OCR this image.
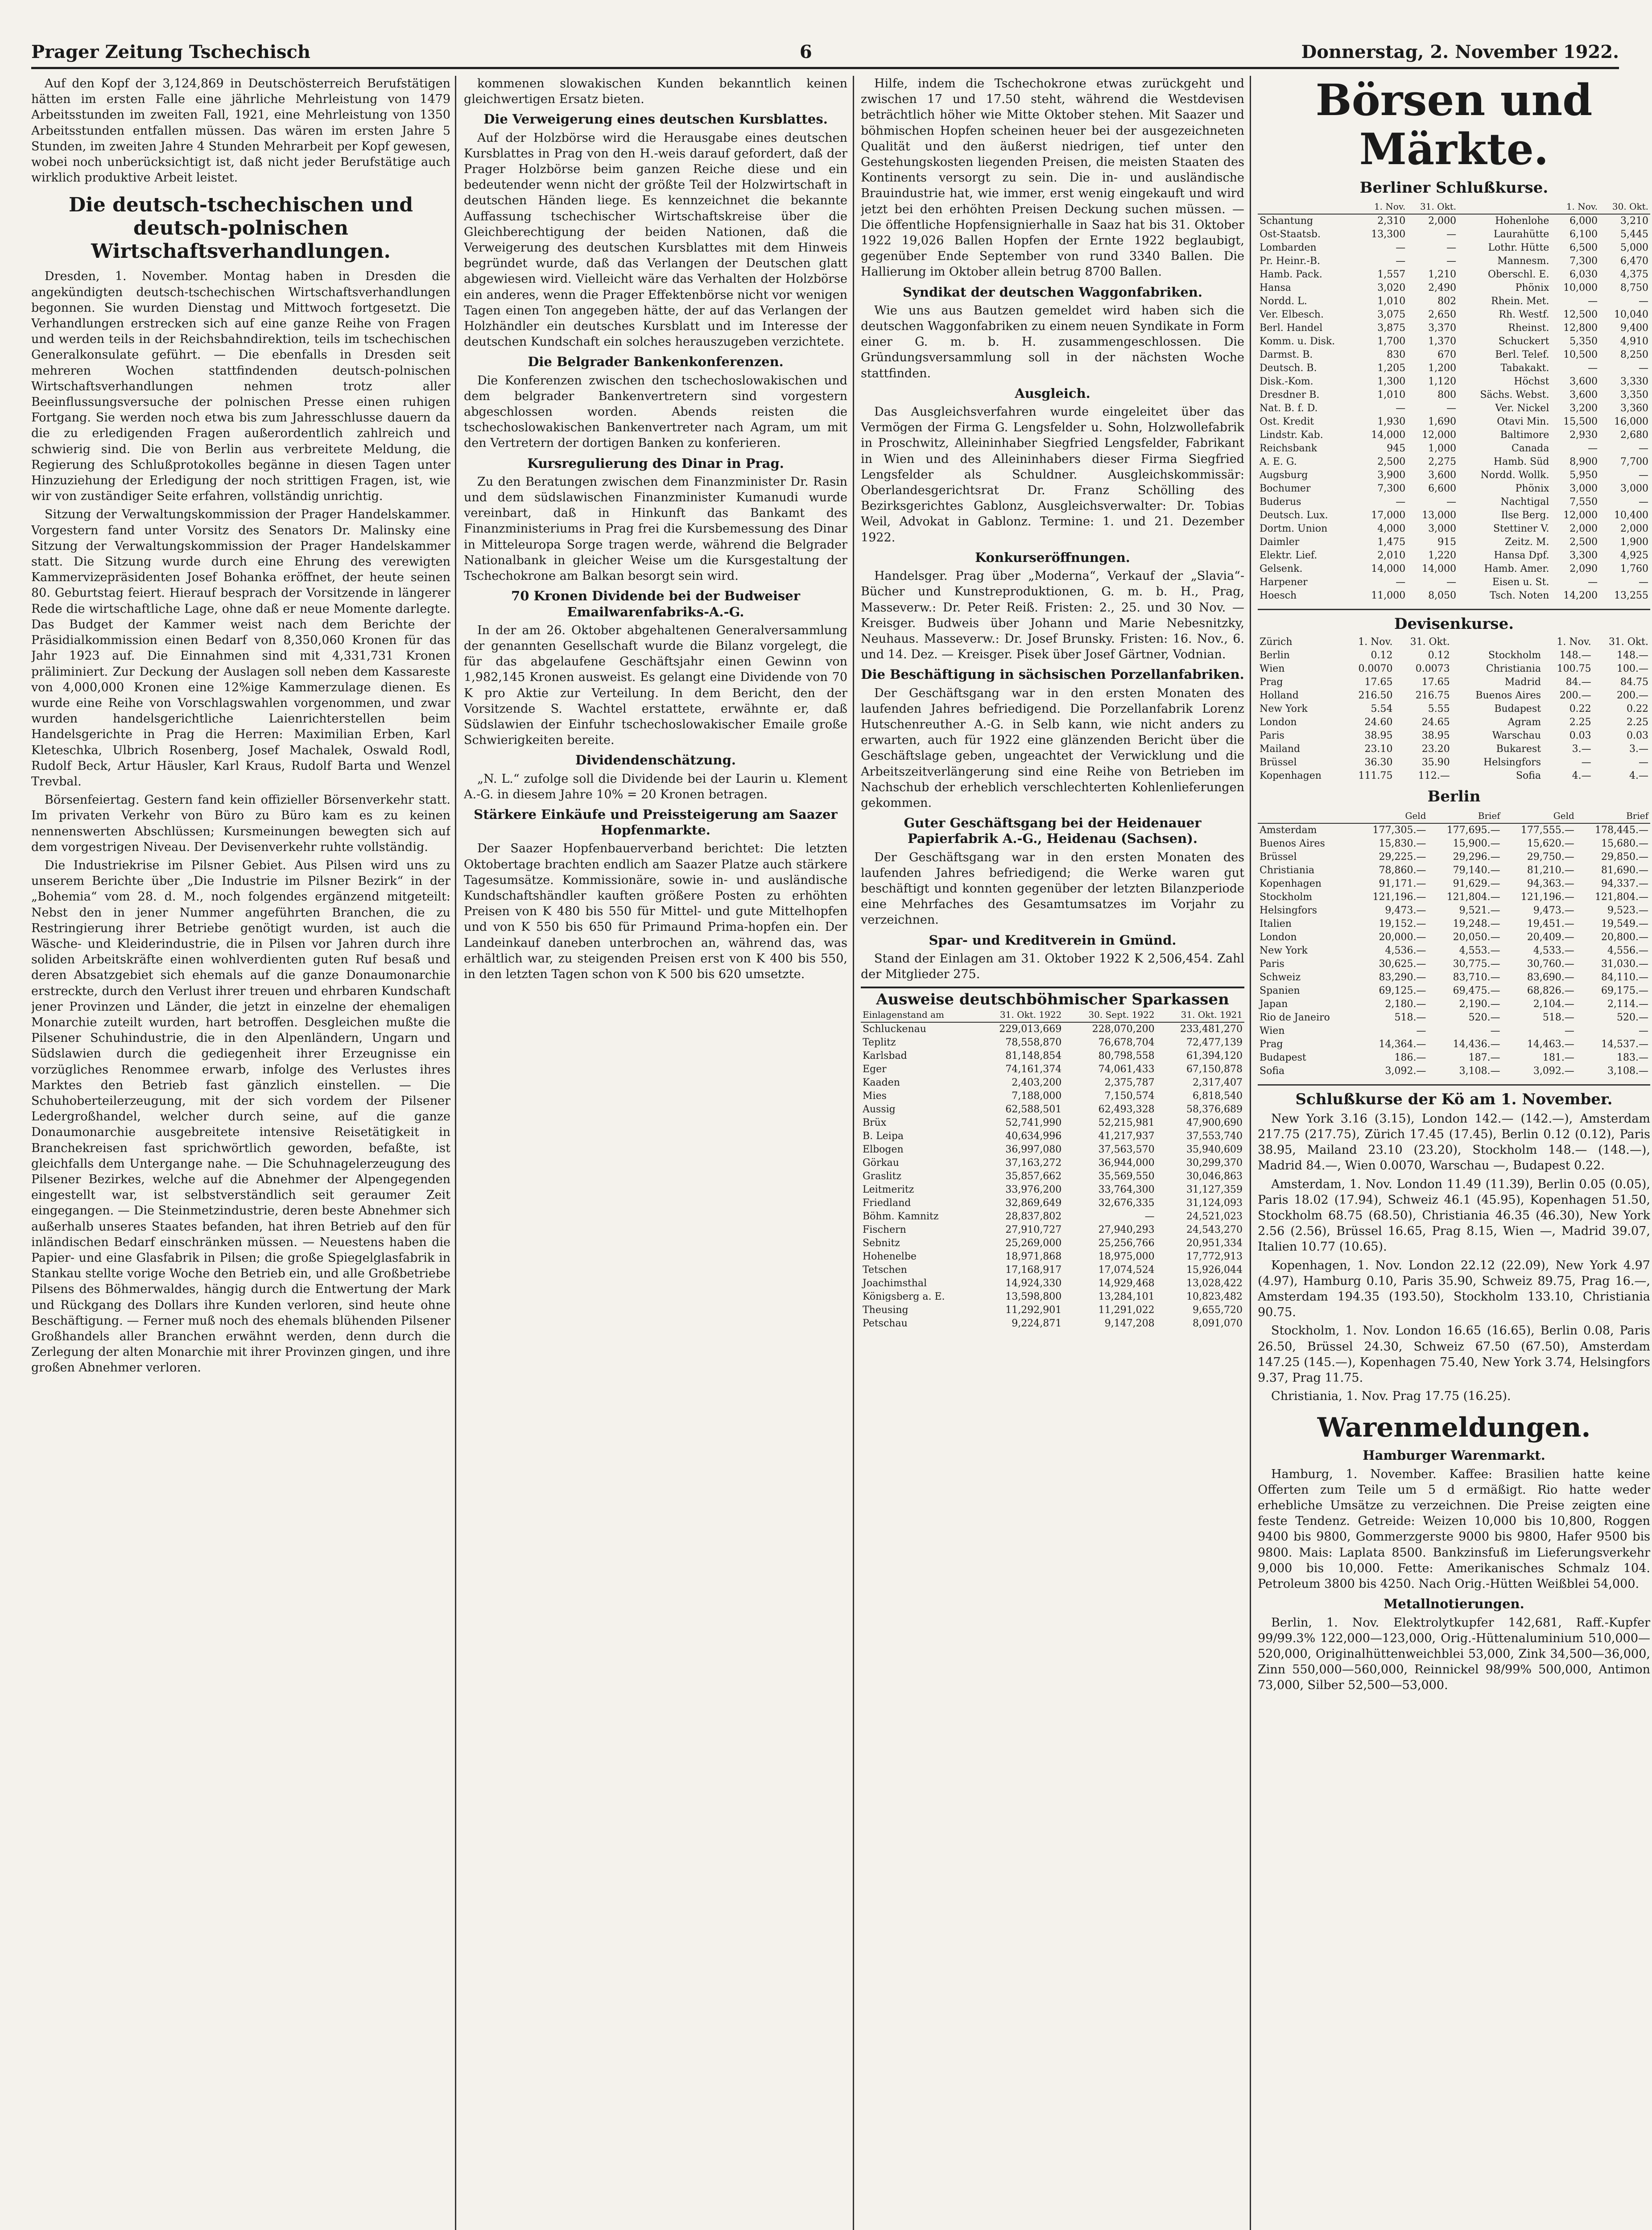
Prager Zeitung Tschechisch	6	Donnerstag, 2. November 1922.

Auf den Kopf der 3,124,869 in Deutschösterreich Berufstätigen hätten im ersten Falle eine jährliche Mehrleistung von 1479 Arbeitsstunden im zweiten Fall, 1921, eine Mehrleistung von 1350 Arbeitsstunden entfallen müssen. Das wären im ersten Jahre 5 Stunden, im zweiten Jahre 4 Stunden Mehrarbeit per Kopf gewesen, wobei noch unberücksichtigt ist, daß nicht jeder Berufstätige auch wirklich produktive Arbeit leistet.

Die deutsch-tschechischen und deutsch-polnischen Wirtschaftsverhandlungen.

Dresden, 1. November. Montag haben in Dresden die angekündigten deutsch-tschechischen Wirtschaftsverhandlungen begonnen. Sie wurden Dienstag und Mittwoch fortgesetzt. Die Verhandlungen erstrecken sich auf eine ganze Reihe von Fragen und werden teils in der Reichsbahndirektion, teils im tschechischen Generalkonsulate geführt. — Die ebenfalls in Dresden seit mehreren Wochen stattfindenden deutsch-polnischen Wirtschaftsverhandlungen nehmen trotz aller Beeinflussungsversuche der polnischen Presse einen ruhigen Fortgang. Sie werden noch etwa bis zum Jahresschlusse dauern da die zu erledigenden Fragen außerordentlich zahlreich und schwierig sind. Die von Berlin aus verbreitete Meldung, die Regierung des Schlußprotokolles begänne in diesen Tagen unter Hinzuziehung der Erledigung der noch strittigen Fragen, ist, wie wir von zuständiger Seite erfahren, vollständig unrichtig.

Sitzung der Verwaltungskommission der Prager Handelskammer. Vorgestern fand unter Vorsitz des Senators Dr. Malinsky eine Sitzung der Verwaltungskommission der Prager Handelskammer statt. Die Sitzung wurde durch eine Ehrung des verewigten Kammervizepräsidenten Josef Bohanka eröffnet, der heute seinen 80. Geburtstag feiert. Hierauf besprach der Vorsitzende in längerer Rede die wirtschaftliche Lage, ohne daß er neue Momente darlegte. Das Budget der Kammer weist nach dem Berichte der Präsidialkommission einen Bedarf von 8,350,060 Kronen für das Jahr 1923 auf. Die Einnahmen sind mit 4,331,731 Kronen präliminiert. Zur Deckung der Auslagen soll neben dem Kassareste von 4,000,000 Kronen eine 12%ige Kammerzulage dienen. Es wurde eine Reihe von Vorschlagswahlen vorgenommen, und zwar wurden handelsgerichtliche Laienrichterstellen beim Handelsgerichte in Prag die Herren: Maximilian Erben, Karl Kleteschka, Ulbrich Rosenberg, Josef Machalek, Oswald Rodl, Rudolf Beck, Artur Häusler, Karl Kraus, Rudolf Barta und Wenzel Trevbal.

Börsenfeiertag. Gestern fand kein offizieller Börsenverkehr statt. Im privaten Verkehr von Büro zu Büro kam es zu keinen nennenswerten Abschlüssen; Kursmeinungen bewegten sich auf dem vorgestrigen Niveau. Der Devisenverkehr ruhte vollständig.

Die Industriekrise im Pilsner Gebiet. Aus Pilsen wird uns zu unserem Berichte über „Die Industrie im Pilsner Bezirk“ in der „Bohemia“ vom 28. d. M., noch folgendes ergänzend mitgeteilt: Nebst den in jener Nummer angeführten Branchen, die zu Restringierung ihrer Betriebe genötigt wurden, ist auch die Wäsche- und Kleiderindustrie, die in Pilsen vor Jahren durch ihre soliden Arbeitskräfte einen wohlverdienten guten Ruf besaß und deren Absatzgebiet sich ehemals auf die ganze Donaumonarchie erstreckte, durch den Verlust ihrer treuen und ehrbaren Kundschaft jener Provinzen und Länder, die jetzt in einzelne der ehemaligen Monarchie zuteilt wurden, hart betroffen. Desgleichen mußte die Pilsener Schuhindustrie, die in den Alpenländern, Ungarn und Südslawien durch die gediegenheit ihrer Erzeugnisse ein vorzügliches Renommee erwarb, infolge des Verlustes ihres Marktes den Betrieb fast gänzlich einstellen. — Die Schuhoberteilerzeugung, mit der sich vordem der Pilsener Ledergroßhandel, welcher durch seine, auf die ganze Donaumonarchie ausgebreitete intensive Reisetätigkeit in Branchekreisen fast sprichwörtlich geworden, befaßte, ist gleichfalls dem Untergange nahe. — Die Schuhnagelerzeugung des Pilsener Bezirkes, welche auf die Abnehmer der Alpengegenden eingestellt war, ist selbstverständlich seit geraumer Zeit eingegangen. — Die Steinmetzindustrie, deren beste Abnehmer sich außerhalb unseres Staates befanden, hat ihren Betrieb auf den für inländischen Bedarf einschränken müssen. — Neuestens haben die Papier- und eine Glasfabrik in Pilsen; die große Spiegelglasfabrik in Stankau stellte vorige Woche den Betrieb ein, und alle Großbetriebe Pilsens des Böhmerwaldes, hängig durch die Entwertung der Mark und Rückgang des Dollars ihre Kunden verloren, sind heute ohne Beschäftigung. — Ferner muß noch des ehemals blühenden Pilsener Großhandels aller Branchen erwähnt werden, denn durch die Zerlegung der alten Monarchie mit ihrer Provinzen gingen, und ihre großen Abnehmer verloren.

kommenen slowakischen Kunden bekanntlich keinen gleichwertigen Ersatz bieten.

Die Verweigerung eines deutschen Kursblattes.

Auf der Holzbörse wird die Herausgabe eines deutschen Kursblattes in Prag von den H.-weis darauf gefordert, daß der Prager Holzbörse beim ganzen Reiche diese und ein bedeutender wenn nicht der größte Teil der Holzwirtschaft in deutschen Händen liege. Es kennzeichnet die bekannte Auffassung tschechischer Wirtschaftskreise über die Gleichberechtigung der beiden Nationen, daß die Verweigerung des deutschen Kursblattes mit dem Hinweis begründet wurde, daß das Verlangen der Deutschen glatt abgewiesen wird. Vielleicht wäre das Verhalten der Holzbörse ein anderes, wenn die Prager Effektenbörse nicht vor wenigen Tagen einen Ton angegeben hätte, der auf das Verlangen der Holzhändler ein deutsches Kursblatt und im Interesse der deutschen Kundschaft ein solches herauszugeben verzichtete.

Die Belgrader Bankenkonferenzen.

Die Konferenzen zwischen den tschechoslowakischen und dem belgrader Bankenvertretern sind vorgestern abgeschlossen worden. Abends reisten die tschechoslowakischen Bankenvertreter nach Agram, um mit den Vertretern der dortigen Banken zu konferieren.

Kursregulierung des Dinar in Prag.

Zu den Beratungen zwischen dem Finanzminister Dr. Rasin und dem südslawischen Finanzminister Kumanudi wurde vereinbart, daß in Hinkunft das Bankamt des Finanzministeriums in Prag frei die Kursbemessung des Dinar in Mitteleuropa Sorge tragen werde, während die Belgrader Nationalbank in gleicher Weise um die Kursgestaltung der Tschechokrone am Balkan besorgt sein wird.

70 Kronen Dividende bei der Budweiser Emailwarenfabriks-A.-G.

In der am 26. Oktober abgehaltenen Generalversammlung der genannten Gesellschaft wurde die Bilanz vorgelegt, die für das abgelaufene Geschäftsjahr einen Gewinn von 1,982,145 Kronen ausweist. Es gelangt eine Dividende von 70 K pro Aktie zur Verteilung. In dem Bericht, den der Vorsitzende S. Wachtel erstattete, erwähnte er, daß Südslawien der Einfuhr tschechoslowakischer Emaile große Schwierigkeiten bereite.

Dividendenschätzung.

„N. L.“ zufolge soll die Dividende bei der Laurin u. Klement A.-G. in diesem Jahre 10% = 20 Kronen betragen.

Stärkere Einkäufe und Preissteigerung am Saazer Hopfenmarkte.

Der Saazer Hopfenbauerverband berichtet: Die letzten Oktobertage brachten endlich am Saazer Platze auch stärkere Tagesumsätze. Kommissionäre, sowie in- und ausländische Kundschaftshändler kauften größere Posten zu erhöhten Preisen von K 480 bis 550 für Mittel- und gute Mittelhopfen und von K 550 bis 650 für Primaund Prima-hopfen ein. Der Landeinkauf daneben unterbrochen an, während das, was erhältlich war, zu steigenden Preisen erst von K 400 bis 550, in den letzten Tagen schon von K 500 bis 620 umsetzte.

Hilfe, indem die Tschechokrone etwas zurückgeht und zwischen 17 und 17.50 steht, während die Westdevisen beträchtlich höher wie Mitte Oktober stehen. Mit Saazer und böhmischen Hopfen scheinen heuer bei der ausgezeichneten Qualität und den äußerst niedrigen, tief unter den Gestehungskosten liegenden Preisen, die meisten Staaten des Kontinents versorgt zu sein. Die in- und ausländische Brauindustrie hat, wie immer, erst wenig eingekauft und wird jetzt bei den erhöhten Preisen Deckung suchen müssen. — Die öffentliche Hopfensignierhalle in Saaz hat bis 31. Oktober 1922 19,026 Ballen Hopfen der Ernte 1922 beglaubigt, gegenüber Ende September von rund 3340 Ballen. Die Hallierung im Oktober allein betrug 8700 Ballen.

Syndikat der deutschen Waggonfabriken.

Wie uns aus Bautzen gemeldet wird haben sich die deutschen Waggonfabriken zu einem neuen Syndikate in Form einer G. m. b. H. zusammengeschlossen. Die Gründungsversammlung soll in der nächsten Woche stattfinden.

Ausgleich.

Das Ausgleichsverfahren wurde eingeleitet über das Vermögen der Firma G. Lengsfelder u. Sohn, Holzwollefabrik in Proschwitz, Alleininhaber Siegfried Lengsfelder, Fabrikant in Wien und des Alleininhabers dieser Firma Siegfried Lengsfelder als Schuldner. Ausgleichskommissär: Oberlandesgerichtsrat Dr. Franz Schölling des Bezirksgerichtes Gablonz, Ausgleichsverwalter: Dr. Tobias Weil, Advokat in Gablonz. Termine: 1. und 21. Dezember 1922.

Konkurseröffnungen.

Handelsger. Prag über „Moderna“, Verkauf der „Slavia“-Bücher und Kunstreproduktionen, G. m. b. H., Prag, Masseverw.: Dr. Peter Reiß. Fristen: 2., 25. und 30 Nov. — Kreisger. Budweis über Johann und Marie Nebesnitzky, Neuhaus. Masseverw.: Dr. Josef Brunsky. Fristen: 16. Nov., 6. und 14. Dez. — Kreisger. Pisek über Josef Gärtner, Vodnian.

Die Beschäftigung in sächsischen Porzellanfabriken.

Der Geschäftsgang war in den ersten Monaten des laufenden Jahres befriedigend. Die Porzellanfabrik Lorenz Hutschenreuther A.-G. in Selb kann, wie nicht anders zu erwarten, auch für 1922 eine glänzenden Bericht über die Geschäftslage geben, ungeachtet der Verwicklung und die Arbeitszeitverlängerung sind eine Reihe von Betrieben im Nachschub der erheblich verschlechterten Kohlenlieferungen gekommen.

Guter Geschäftsgang bei der Heidenauer Papierfabrik A.-G., Heidenau (Sachsen).

Der Geschäftsgang war in den ersten Monaten des laufenden Jahres befriedigend; die Werke waren gut beschäftigt und konnten gegenüber der letzten Bilanzperiode eine Mehrfaches des Gesamtumsatzes im Vorjahr zu verzeichnen.

Spar- und Kreditverein in Gmünd.

Stand der Einlagen am 31. Oktober 1922 K 2,506,454. Zahl der Mitglieder 275.

Ausweise deutschböhmischer Sparkassen
Einlagenstand am	31. Okt. 1922	30. Sept. 1922	31. Okt. 1921
Schluckenau	229,013,669	228,070,200	233,481,270
Teplitz	78,558,870	76,678,704	72,477,139
Karlsbad	81,148,854	80,798,558	61,394,120
Eger	74,161,374	74,061,433	67,150,878
Kaaden	2,403,200	2,375,787	2,317,407
Mies	7,188,000	7,150,574	6,818,540
Aussig	62,588,501	62,493,328	58,376,689
Brüx	52,741,990	52,215,981	47,900,690
B. Leipa	40,634,996	41,217,937	37,553,740
Elbogen	36,997,080	37,563,570	35,940,609
Görkau	37,163,272	36,944,000	30,299,370
Graslitz	35,857,662	35,569,550	30,046,863
Leitmeritz	33,976,200	33,764,300	31,127,359
Friedland	32,869,649	32,676,335	31,124,093
Böhm. Kamnitz	28,837,802	—	24,521,023
Fischern	27,910,727	27,940,293	24,543,270
Sebnitz	25,269,000	25,256,766	20,951,334
Hohenelbe	18,971,868	18,975,000	17,772,913
Tetschen	17,168,917	17,074,524	15,926,044
Joachimsthal	14,924,330	14,929,468	13,028,422
Königsberg a. E.	13,598,800	13,284,101	10,823,482
Theusing	11,292,901	11,291,022	9,655,720
Petschau	9,224,871	9,147,208	8,091,070
Börsen und Märkte.
Berliner Schlußkurse.
	1. Nov.	31. Okt.		1. Nov.	30. Okt.
Schantung	2,310	2,000	Hohenlohe	6,000	3,210
Ost-Staatsb.	13,300	—	Laurahütte	6,100	5,445
Lombarden	—	—	Lothr. Hütte	6,500	5,000
Pr. Heinr.-B.	—	—	Mannesm.	7,300	6,470
Hamb. Pack.	1,557	1,210	Oberschl. E.	6,030	4,375
Hansa	3,020	2,490	Phönix	10,000	8,750
Nordd. L.	1,010	802	Rhein. Met.	—	—
Ver. Elbesch.	3,075	2,650	Rh. Westf.	12,500	10,040
Berl. Handel	3,875	3,370	Rheinst.	12,800	9,400
Komm. u. Disk.	1,700	1,370	Schuckert	5,350	4,910
Darmst. B.	830	670	Berl. Telef.	10,500	8,250
Deutsch. B.	1,205	1,200	Tabakakt.	—	—
Disk.-Kom.	1,300	1,120	Höchst	3,600	3,330
Dresdner B.	1,010	800	Sächs. Webst.	3,600	3,350
Nat. B. f. D.	—	—	Ver. Nickel	3,200	3,360
Ost. Kredit	1,930	1,690	Otavi Min.	15,500	16,000
Lindstr. Kab.	14,000	12,000	Baltimore	2,930	2,680
Reichsbank	945	1,000	Canada	—	—
A. E. G.	2,500	2,275	Hamb. Süd	8,900	7,700
Augsburg	3,900	3,600	Nordd. Wollk.	5,950	—
Bochumer	7,300	6,600	Phönix	3,000	3,000
Buderus	—	—	Nachtigal	7,550	—
Deutsch. Lux.	17,000	13,000	Ilse Berg.	12,000	10,400
Dortm. Union	4,000	3,000	Stettiner V.	2,000	2,000
Daimler	1,475	915	Zeitz. M.	2,500	1,900
Elektr. Lief.	2,010	1,220	Hansa Dpf.	3,300	4,925
Gelsenk.	14,000	14,000	Hamb. Amer.	2,090	1,760
Harpener	—	—	Eisen u. St.	—	—
Hoesch	11,000	8,050	Tsch. Noten	14,200	13,255
Devisenkurse.
Zürich	1. Nov.	31. Okt.		1. Nov.	31. Okt.
Berlin	0.12	0.12	Stockholm	148.—	148.—
Wien	0.0070	0.0073	Christiania	100.75	100.—
Prag	17.65	17.65	Madrid	84.—	84.75
Holland	216.50	216.75	Buenos Aires	200.—	200.—
New York	5.54	5.55	Budapest	0.22	0.22
London	24.60	24.65	Agram	2.25	2.25
Paris	38.95	38.95	Warschau	0.03	0.03
Mailand	23.10	23.20	Bukarest	3.—	3.—
Brüssel	36.30	35.90	Helsingfors	—	—
Kopenhagen	111.75	112.—	Sofia	4.—	4.—
Berlin
	Geld	Brief	Geld	Brief
Amsterdam	177,305.—	177,695.—	177,555.—	178,445.—
Buenos Aires	15,830.—	15,900.—	15,620.—	15,680.—
Brüssel	29,225.—	29,296.—	29,750.—	29,850.—
Christiania	78,860.—	79,140.—	81,210.—	81,690.—
Kopenhagen	91,171.—	91,629.—	94,363.—	94,337.—
Stockholm	121,196.—	121,804.—	121,196.—	121,804.—
Helsingfors	9,473.—	9,521.—	9,473.—	9,523.—
Italien	19,152.—	19,248.—	19,451.—	19,549.—
London	20,000.—	20,050.—	20,409.—	20,800.—
New York	4,536.—	4,553.—	4,533.—	4,556.—
Paris	30,625.—	30,775.—	30,760.—	31,030.—
Schweiz	83,290.—	83,710.—	83,690.—	84,110.—
Spanien	69,125.—	69,475.—	68,826.—	69,175.—
Japan	2,180.—	2,190.—	2,104.—	2,114.—
Rio de Janeiro	518.—	520.—	518.—	520.—
Wien	—	—	—	—
Prag	14,364.—	14,436.—	14,463.—	14,537.—
Budapest	186.—	187.—	181.—	183.—
Sofia	3,092.—	3,108.—	3,092.—	3,108.—
Schlußkurse der Kö am 1. November.

New York 3.16 (3.15), London 142.— (142.—), Amsterdam 217.75 (217.75), Zürich 17.45 (17.45), Berlin 0.12 (0.12), Paris 38.95, Mailand 23.10 (23.20), Stockholm 148.— (148.—), Madrid 84.—, Wien 0.0070, Warschau —, Budapest 0.22.

Amsterdam, 1. Nov. London 11.49 (11.39), Berlin 0.05 (0.05), Paris 18.02 (17.94), Schweiz 46.1 (45.95), Kopenhagen 51.50, Stockholm 68.75 (68.50), Christiania 46.35 (46.30), New York 2.56 (2.56), Brüssel 16.65, Prag 8.15, Wien —, Madrid 39.07, Italien 10.77 (10.65).

Kopenhagen, 1. Nov. London 22.12 (22.09), New York 4.97 (4.97), Hamburg 0.10, Paris 35.90, Schweiz 89.75, Prag 16.—, Amsterdam 194.35 (193.50), Stockholm 133.10, Christiania 90.75.

Stockholm, 1. Nov. London 16.65 (16.65), Berlin 0.08, Paris 26.50, Brüssel 24.30, Schweiz 67.50 (67.50), Amsterdam 147.25 (145.—), Kopenhagen 75.40, New York 3.74, Helsingfors 9.37, Prag 11.75.

Christiania, 1. Nov. Prag 17.75 (16.25).

Warenmeldungen.
Hamburger Warenmarkt.

Hamburg, 1. November. Kaffee: Brasilien hatte keine Offerten zum Teile um 5 d ermäßigt. Rio hatte weder erhebliche Umsätze zu verzeichnen. Die Preise zeigten eine feste Tendenz. Getreide: Weizen 10,000 bis 10,800, Roggen 9400 bis 9800, Gommerzgerste 9000 bis 9800, Hafer 9500 bis 9800. Mais: Laplata 8500. Bankzinsfuß im Lieferungsverkehr 9,000 bis 10,000. Fette: Amerikanisches Schmalz 104. Petroleum 3800 bis 4250. Nach Orig.-Hütten Weißblei 54,000.

Metallnotierungen.

Berlin, 1. Nov. Elektrolytkupfer 142,681, Raff.-Kupfer 99/99.3% 122,000—123,000, Orig.-Hüttenaluminium 510,000—520,000, Originalhüttenweichblei 53,000, Zink 34,500—36,000, Zinn 550,000—560,000, Reinnickel 98/99% 500,000, Antimon 73,000, Silber 52,500—53,000.
